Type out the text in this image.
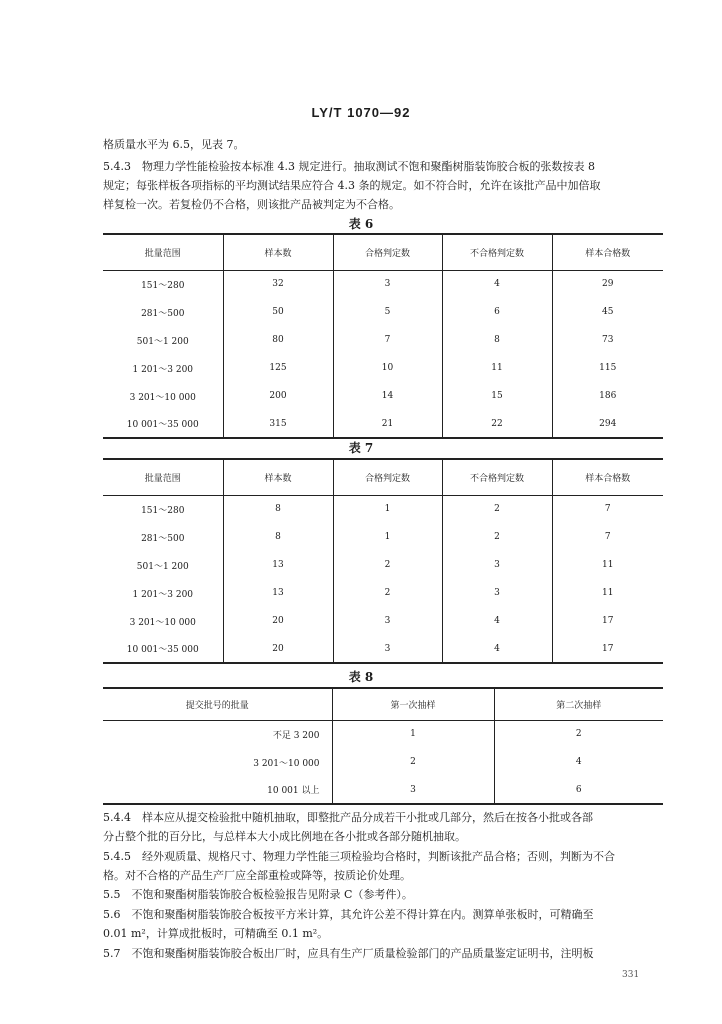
LY/T 1070—92
格质量水平为 6.5，见表 7。
5.4.3　物理力学性能检验按本标准 4.3 规定进行。抽取测试不饱和聚酯树脂装饰胶合板的张数按表 8
规定；每张样板各项指标的平均测试结果应符合 4.3 条的规定。如不符合时，允许在该批产品中加倍取
样复检一次。若复检仍不合格，则该批产品被判定为不合格。
表 6
批量范围	样本数	合格判定数	不合格判定数	样本合格数
151～280	32	3	4	29
281～500	50	5	6	45
501～1 200	80	7	8	73
1 201～3 200	125	10	11	115
3 201～10 000	200	14	15	186
10 001～35 000	315	21	22	294
表 7
批量范围	样本数	合格判定数	不合格判定数	样本合格数
151～280	8	1	2	7
281～500	8	1	2	7
501～1 200	13	2	3	11
1 201～3 200	13	2	3	11
3 201～10 000	20	3	4	17
10 001～35 000	20	3	4	17
表 8
提交批号的批量	第一次抽样	第二次抽样
不足 3 200	1	2
3 201～10 000	2	4
10 001 以上	3	6
5.4.4　样本应从提交检验批中随机抽取，即整批产品分成若干小批或几部分，然后在按各小批或各部
分占整个批的百分比，与总样本大小成比例地在各小批或各部分随机抽取。
5.4.5　经外观质量、规格尺寸、物理力学性能三项检验均合格时，判断该批产品合格；否则，判断为不合
格。对不合格的产品生产厂应全部重检或降等，按质论价处理。
5.5　不饱和聚酯树脂装饰胶合板检验报告见附录 C（参考件）。
5.6　不饱和聚酯树脂装饰胶合板按平方米计算，其允许公差不得计算在内。测算单张板时，可精确至
0.01 m²，计算成批板时，可精确至 0.1 m²。
5.7　不饱和聚酯树脂装饰胶合板出厂时，应具有生产厂质量检验部门的产品质量鉴定证明书，注明板
331
